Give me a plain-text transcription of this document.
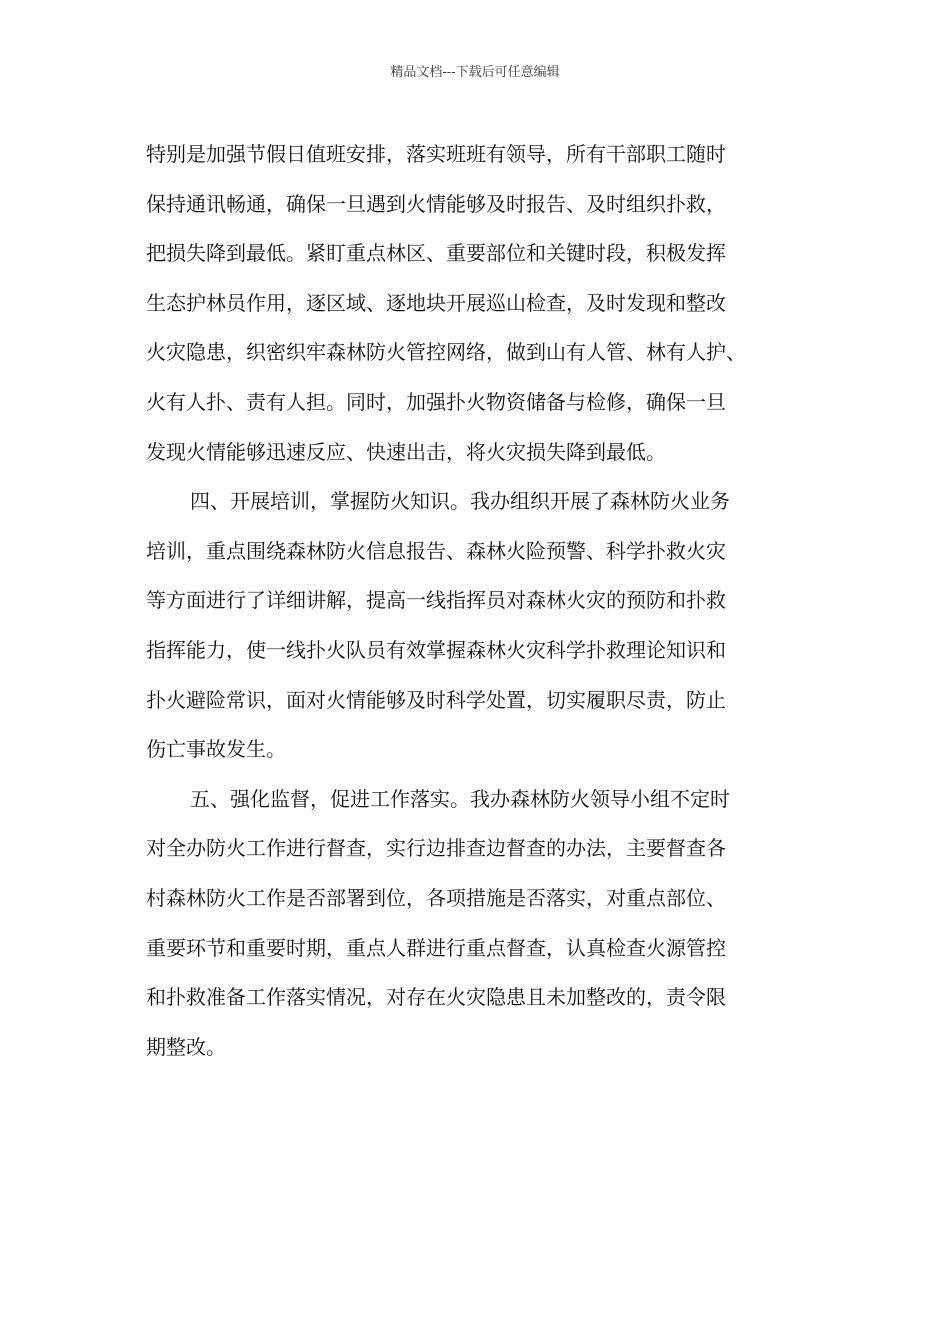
精品文档---下载后可任意编辑
特别是加强节假日值班安排，落实班班有领导，所有干部职工随时
保持通讯畅通，确保一旦遇到火情能够及时报告、及时组织扑救，
把损失降到最低。紧盯重点林区、重要部位和关键时段，积极发挥
生态护林员作用，逐区域、逐地块开展巡山检查，及时发现和整改
火灾隐患，织密织牢森林防火管控网络，做到山有人管、林有人护、
火有人扑、责有人担。同时，加强扑火物资储备与检修，确保一旦
发现火情能够迅速反应、快速出击，将火灾损失降到最低。
四、开展培训，掌握防火知识。我办组织开展了森林防火业务
培训，重点围绕森林防火信息报告、森林火险预警、科学扑救火灾
等方面进行了详细讲解，提高一线指挥员对森林火灾的预防和扑救
指挥能力，使一线扑火队员有效掌握森林火灾科学扑救理论知识和
扑火避险常识，面对火情能够及时科学处置，切实履职尽责，防止
伤亡事故发生。
五、强化监督，促进工作落实。我办森林防火领导小组不定时
对全办防火工作进行督查，实行边排查边督查的办法，主要督查各
村森林防火工作是否部署到位，各项措施是否落实，对重点部位、
重要环节和重要时期，重点人群进行重点督查，认真检查火源管控
和扑救准备工作落实情况，对存在火灾隐患且未加整改的，责令限
期整改。
